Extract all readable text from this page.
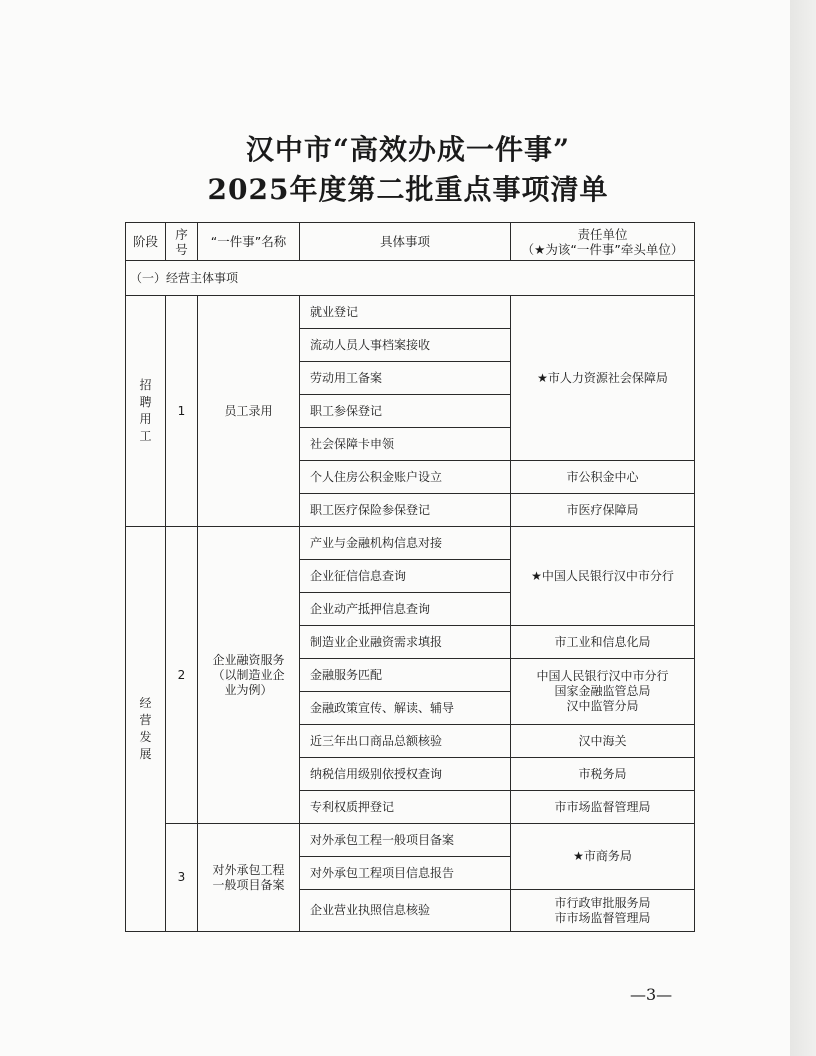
汉中市“高效办成一件事”
2025年度第二批重点事项清单
阶段	序号	“一件事”名称	具体事项	责任单位
（★为该“一件事”牵头单位）

（一）经营主体事项				

招聘用工	1	员工录用	就业登记	★市人力资源社会保障局
			流动人员人事档案接收	
			劳动用工备案	
			职工参保登记	
			社会保障卡申领	
			个人住房公积金账户设立	市公积金中心
			职工医疗保险参保登记	市医疗保障局

经营发展	2	企业融资服务（以制造业企业为例）	产业与金融机构信息对接	★中国人民银行汉中市分行
			企业征信信息查询	
			企业动产抵押信息查询	
			制造业企业融资需求填报	市工业和信息化局
			金融服务匹配	中国人民银行汉中市分行
国家金融监管总局
汉中监管分局

			金融政策宣传、解读、辅导	
			近三年出口商品总额核验	汉中海关
			纳税信用级别依授权查询	市税务局
			专利权质押登记	市市场监督管理局
	3	对外承包工程一般项目备案	对外承包工程一般项目备案	★市商务局
			对外承包工程项目信息报告	
			企业营业执照信息核验	市行政审批服务局
市市场监督管理局
—3—
